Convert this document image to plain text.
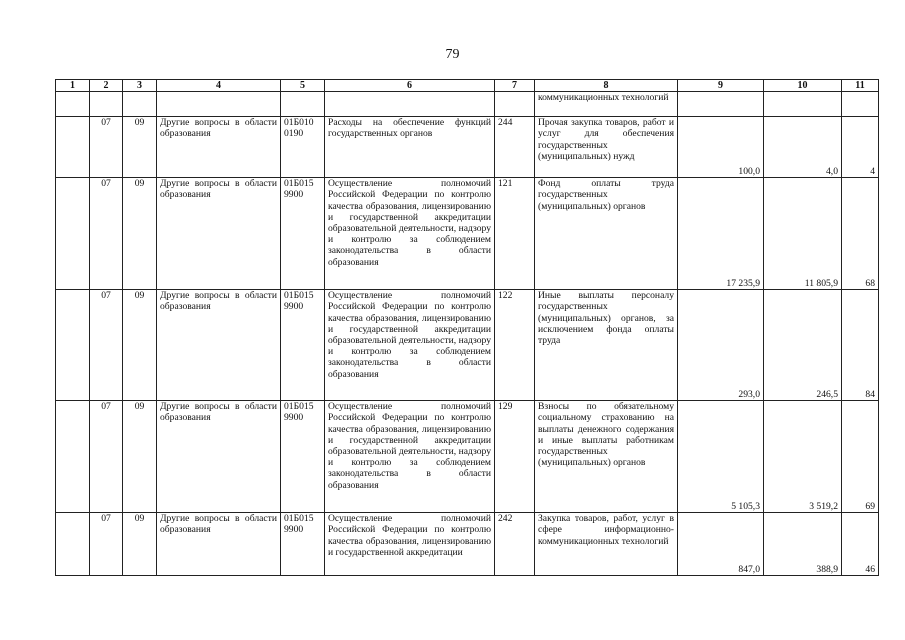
79
1	2	3	4	5	6	7	8	9	10	11
							коммуникационных технологий			
	07	09	Другие вопросы в области образования	01Б010 0190	Расходы на обеспечение функций государственных органов	244	Прочая закупка товаров, работ и услуг для обеспечения государственных (муниципальных) нужд	100,0	4,0	4
	07	09	Другие вопросы в области образования	01Б015 9900	Осуществление полномочий Российской Федерации по контролю качества образования, лицензированию и государственной аккредитации образовательной деятельности, надзору и контролю за соблюдением законодательства в области образования	121	Фонд оплаты труда государственных (муниципальных) органов	17 235,9	11 805,9	68
	07	09	Другие вопросы в области образования	01Б015 9900	Осуществление полномочий Российской Федерации по контролю качества образования, лицензированию и государственной аккредитации образовательной деятельности, надзору и контролю за соблюдением законодательства в области образования	122	Иные выплаты персоналу государственных (муниципальных) органов, за исключением фонда оплаты труда	293,0	246,5	84
	07	09	Другие вопросы в области образования	01Б015 9900	Осуществление полномочий Российской Федерации по контролю качества образования, лицензированию и государственной аккредитации образовательной деятельности, надзору и контролю за соблюдением законодательства в области образования	129	Взносы по обязательному социальному страхованию на выплаты денежного содержания и иные выплаты работникам государственных (муниципальных) органов	5 105,3	3 519,2	69
	07	09	Другие вопросы в области образования	01Б015 9900	Осуществление полномочий Российской Федерации по контролю качества образования, лицензированию и государственной аккредитации	242	Закупка товаров, работ, услуг в сфере информационно-коммуникационных технологий	847,0	388,9	46
